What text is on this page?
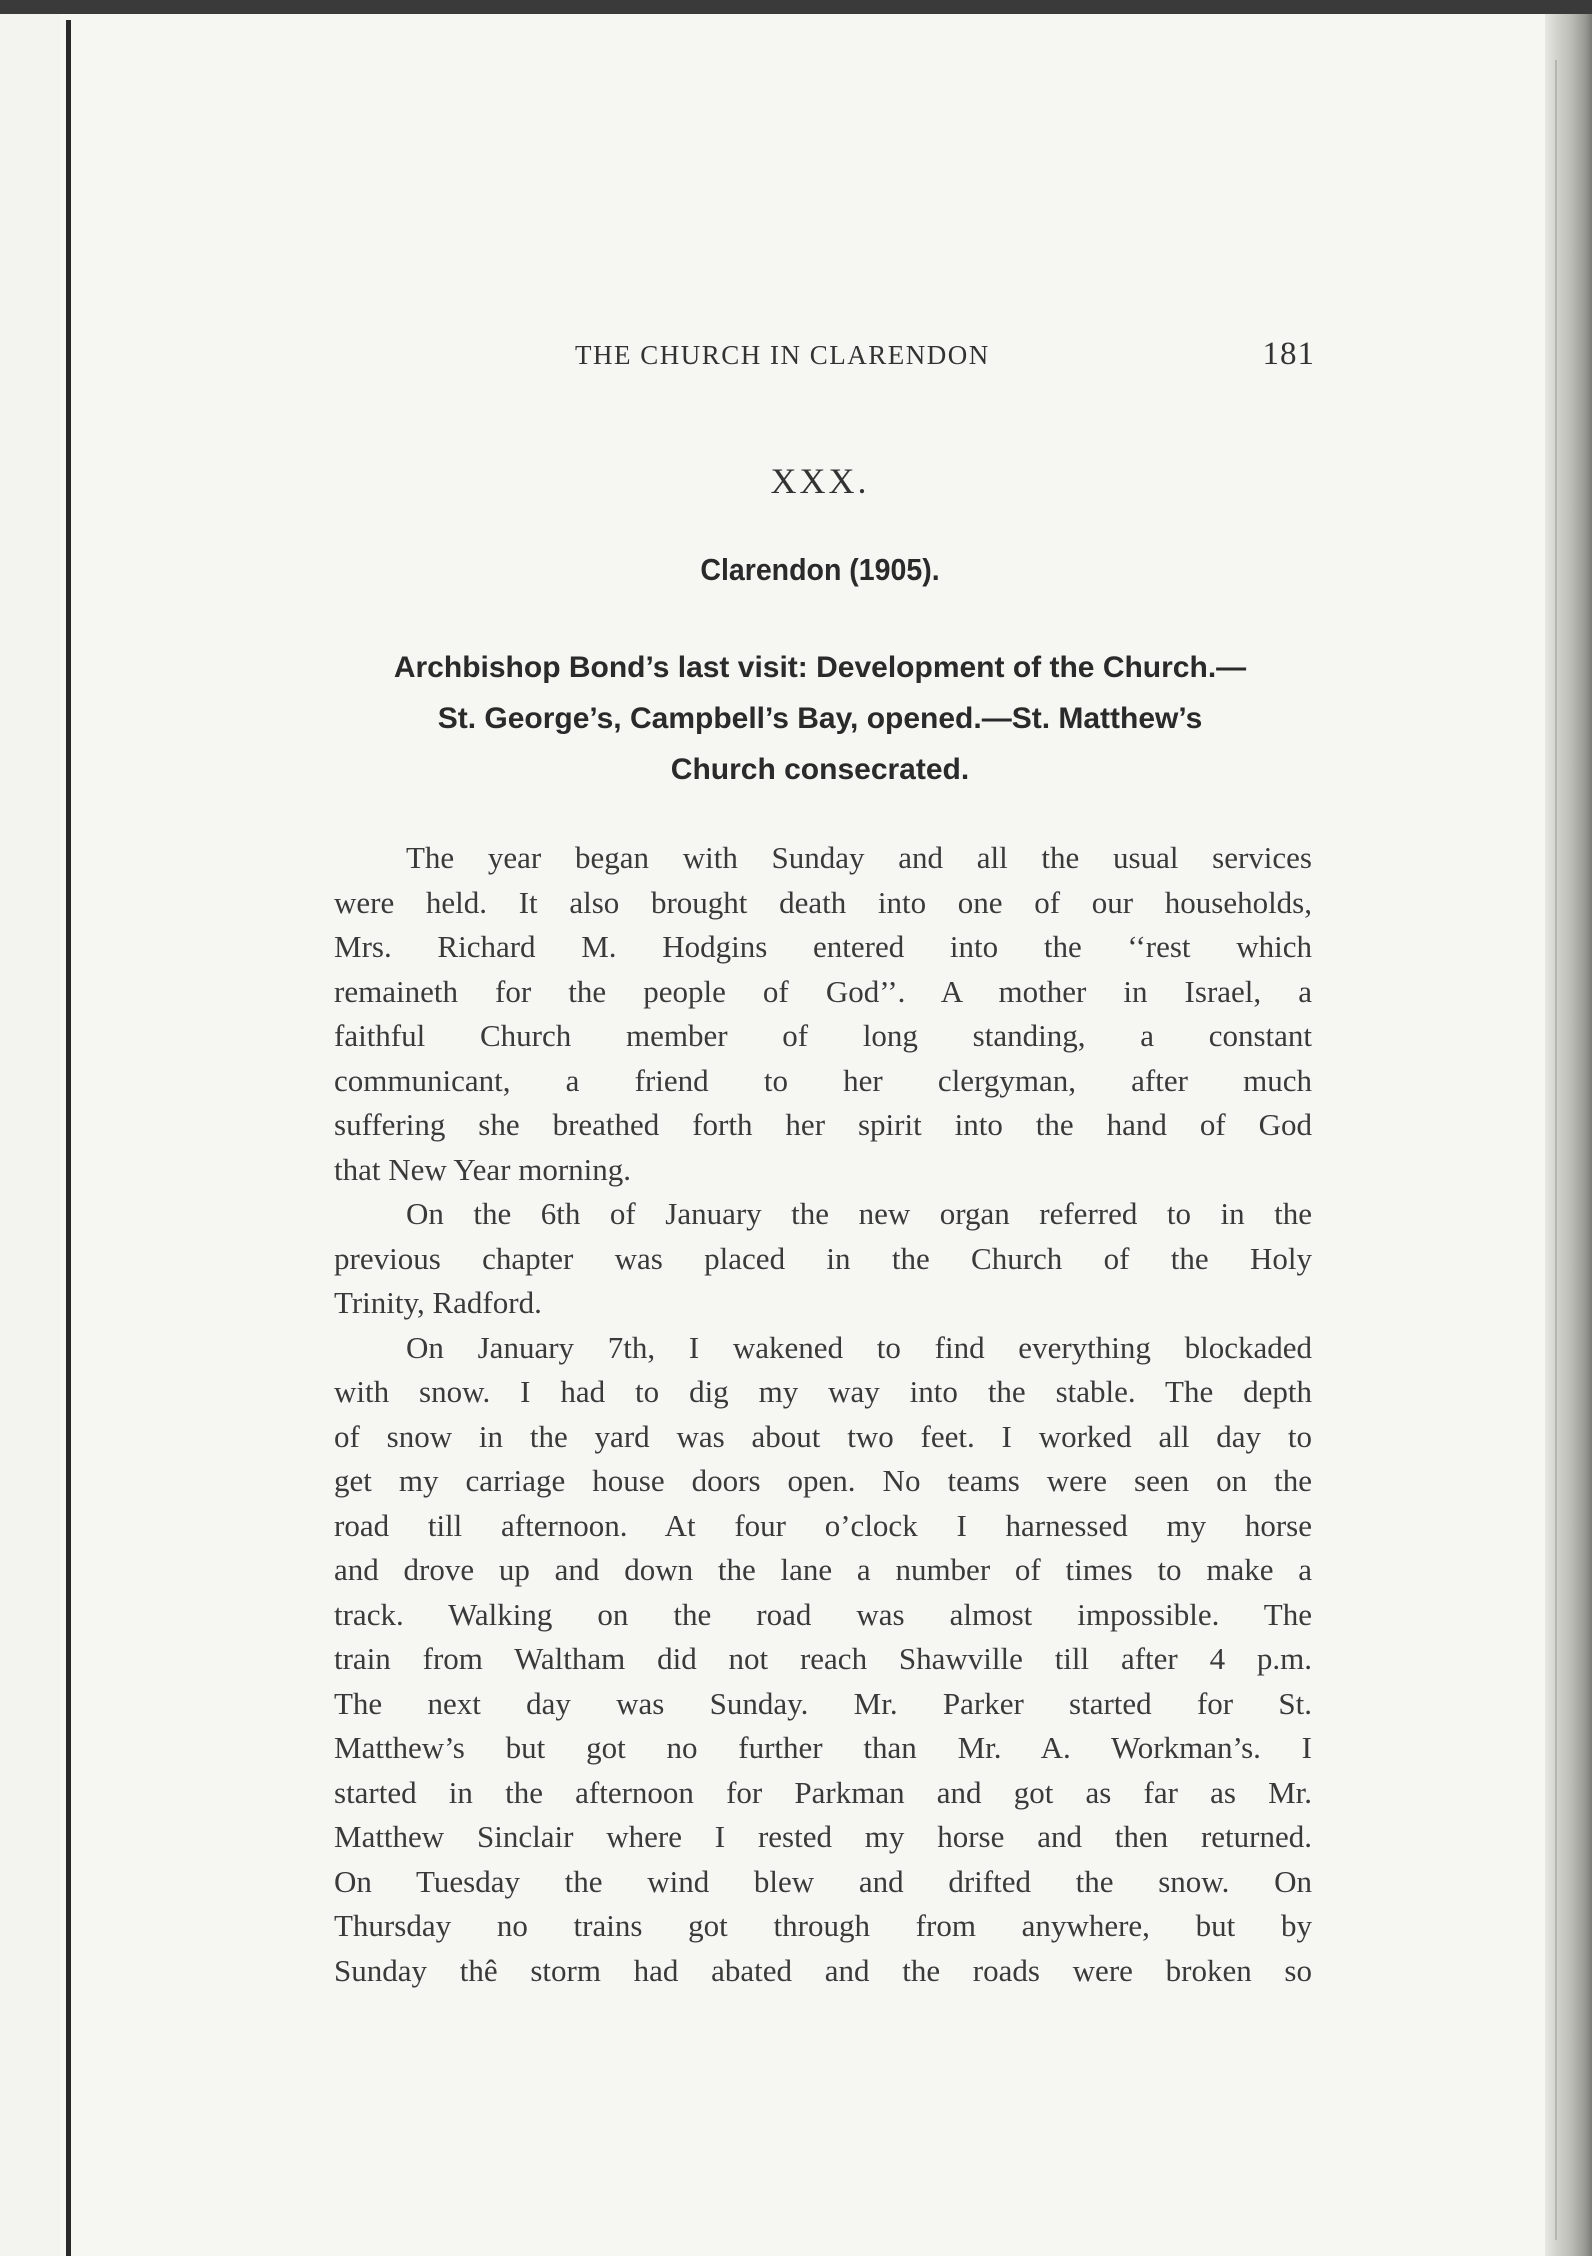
THE CHURCH IN CLARENDON	181
XXX.
Clarendon (1905).
Archbishop Bond’s last visit: Development of the Church.—
St. George’s, Campbell’s Bay, opened.—St. Matthew’s
Church consecrated.
The year began with Sunday and all the usual services
were held. It also brought death into one of our households,
Mrs. Richard M. Hodgins entered into the ‘‘rest which
remaineth for the people of God’’. A mother in Israel, a
faithful Church member of long standing, a constant
communicant, a friend to her clergyman, after much
suffering she breathed forth her spirit into the hand of God
that New Year morning.
On the 6th of January the new organ referred to in the
previous chapter was placed in the Church of the Holy
Trinity, Radford.
On January 7th, I wakened to find everything blockaded
with snow. I had to dig my way into the stable. The depth
of snow in the yard was about two feet. I worked all day to
get my carriage house doors open. No teams were seen on the
road till afternoon. At four o’clock I harnessed my horse
and drove up and down the lane a number of times to make a
track. Walking on the road was almost impossible. The
train from Waltham did not reach Shawville till after 4 p.m.
The next day was Sunday. Mr. Parker started for St.
Matthew’s but got no further than Mr. A. Workman’s. I
started in the afternoon for Parkman and got as far as Mr.
Matthew Sinclair where I rested my horse and then returned.
On Tuesday the wind blew and drifted the snow. On
Thursday no trains got through from anywhere, but by
Sunday thê storm had abated and the roads were broken so
